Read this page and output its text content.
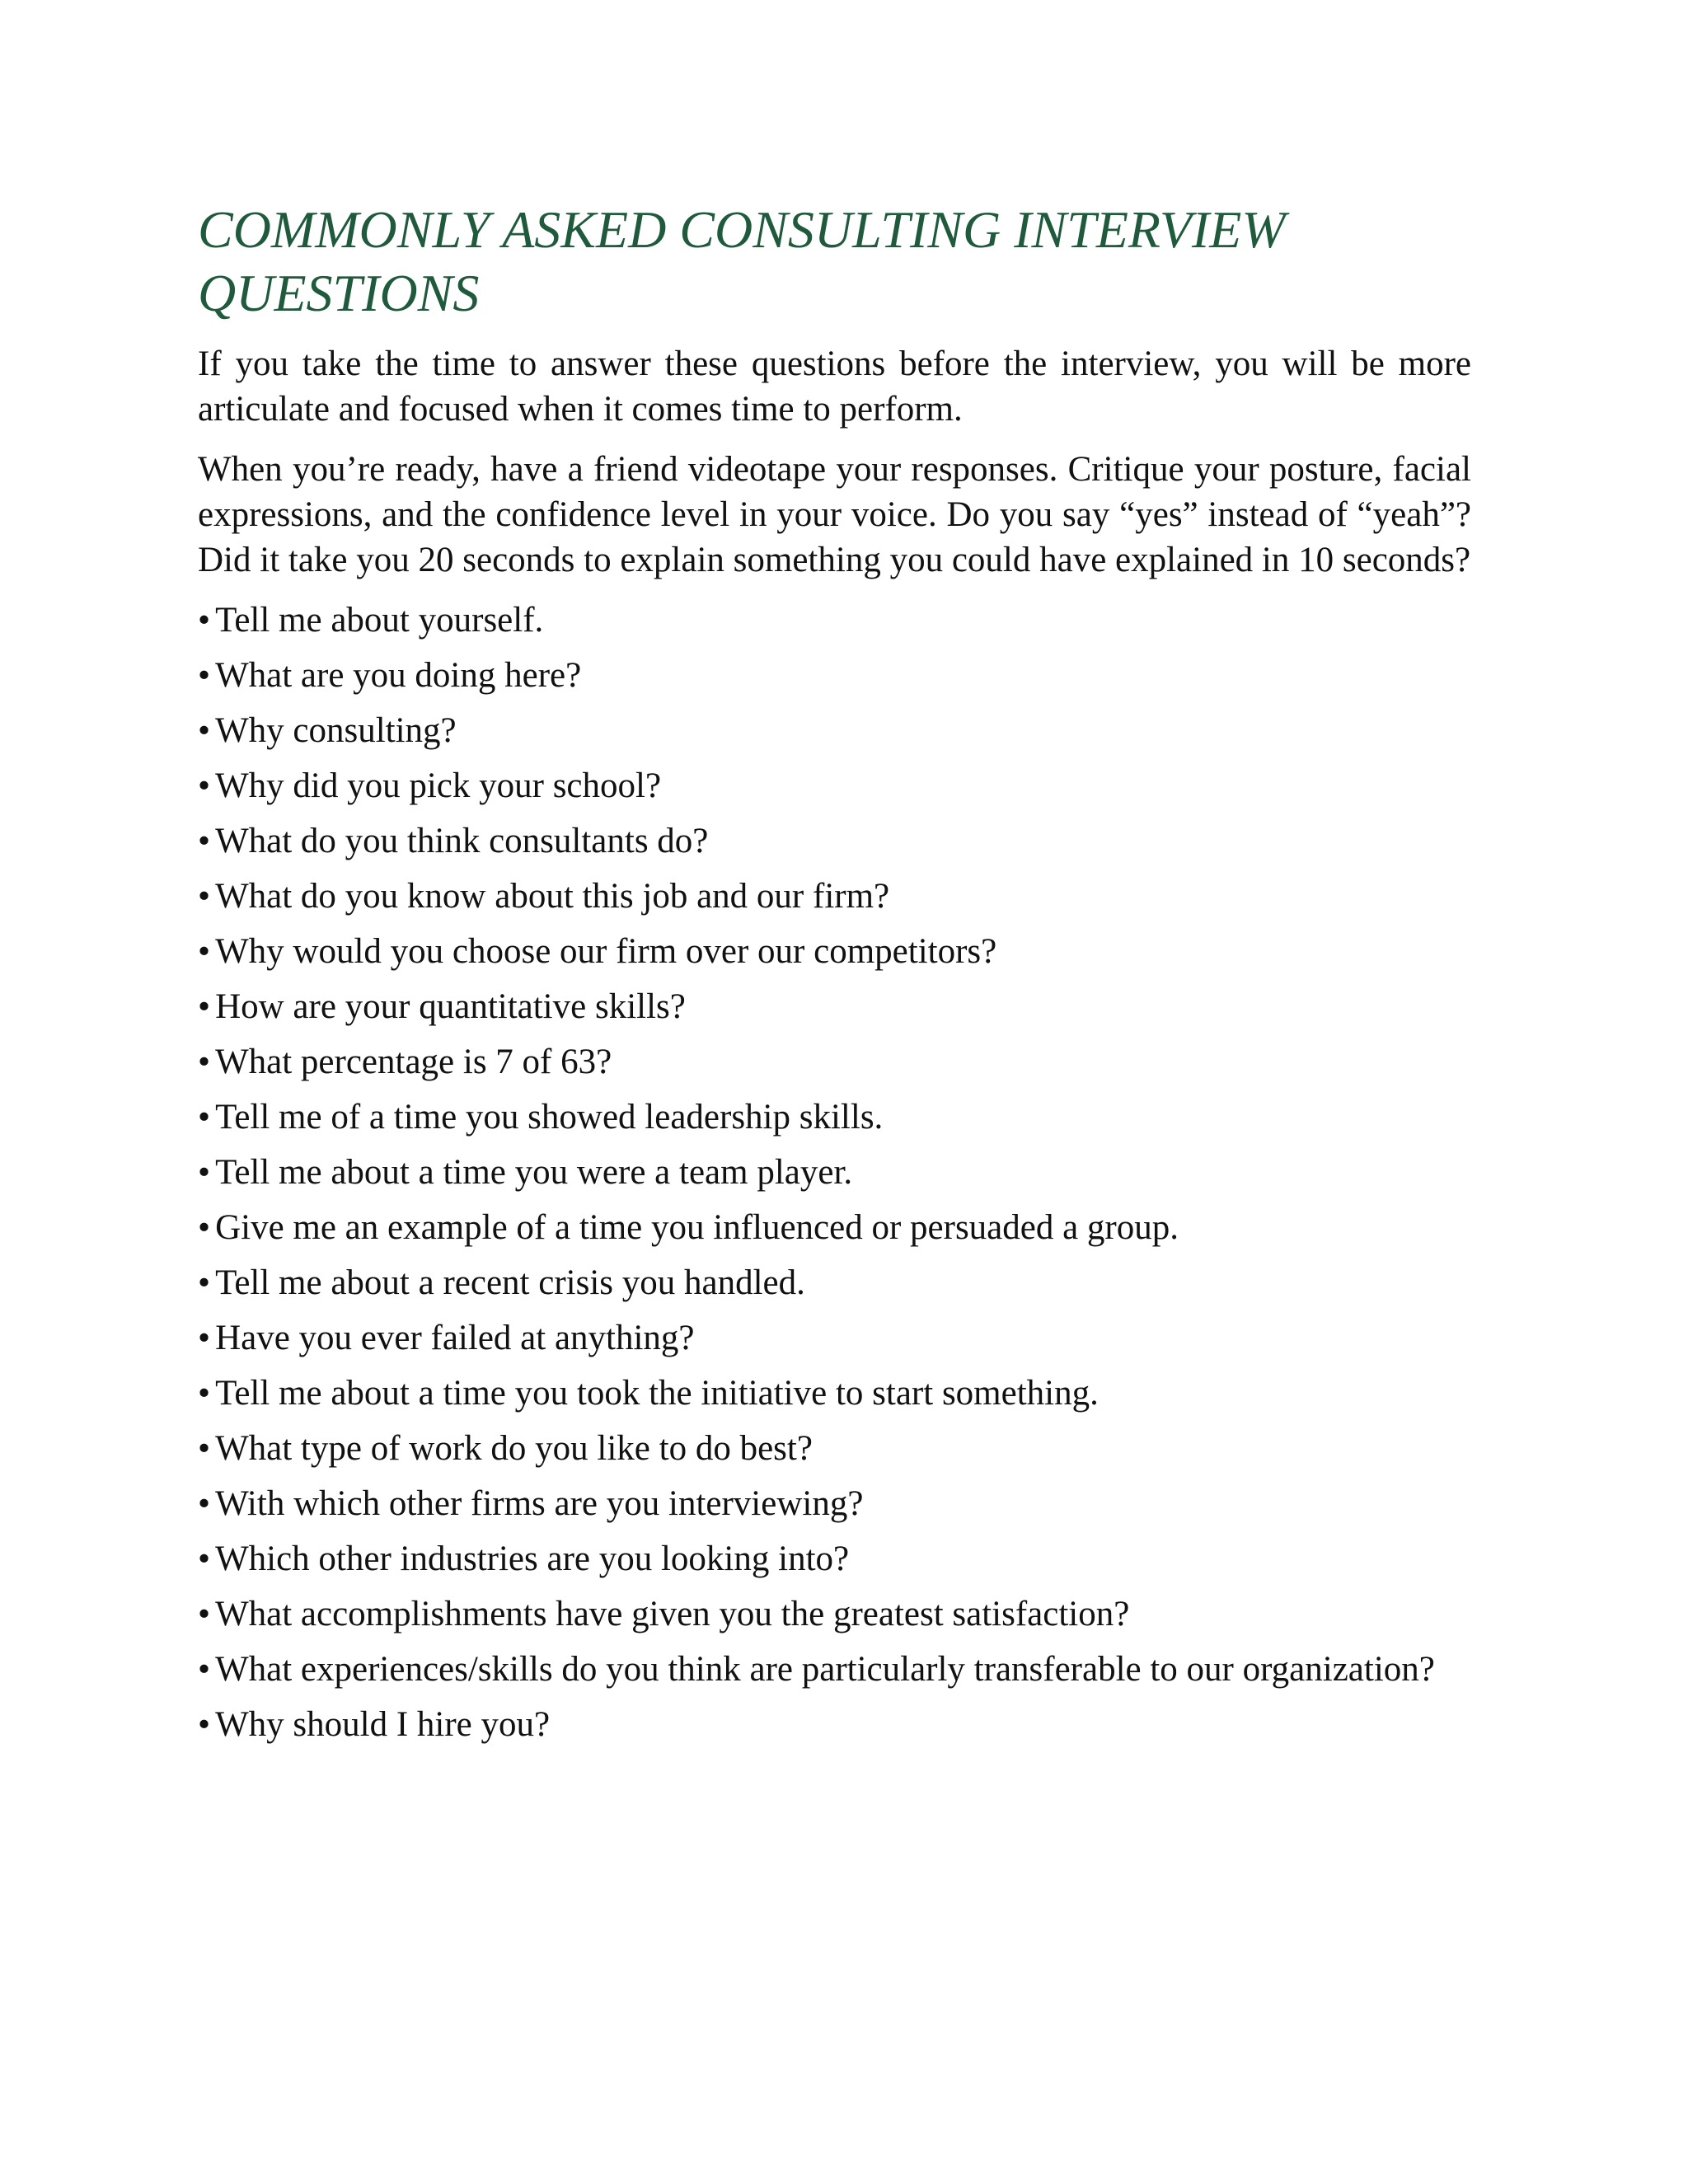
COMMONLY ASKED CONSULTING INTERVIEW QUESTIONS

If you take the time to answer these questions before the interview, you will be more articulate and focused when it comes time to perform.

When you’re ready, have a friend videotape your responses. Critique your posture, facial expressions, and the confidence level in your voice. Do you say “yes” instead of “yeah”? Did it take you 20 seconds to explain something you could have explained in 10 seconds?

• Tell me about yourself.
• What are you doing here?
• Why consulting?
• Why did you pick your school?
• What do you think consultants do?
• What do you know about this job and our firm?
• Why would you choose our firm over our competitors?
• How are your quantitative skills?
• What percentage is 7 of 63?
• Tell me of a time you showed leadership skills.
• Tell me about a time you were a team player.
• Give me an example of a time you influenced or persuaded a group.
• Tell me about a recent crisis you handled.
• Have you ever failed at anything?
• Tell me about a time you took the initiative to start something.
• What type of work do you like to do best?
• With which other firms are you interviewing?
• Which other industries are you looking into?
• What accomplishments have given you the greatest satisfaction?
• What experiences/skills do you think are particularly transferable to our organization?
• Why should I hire you?
